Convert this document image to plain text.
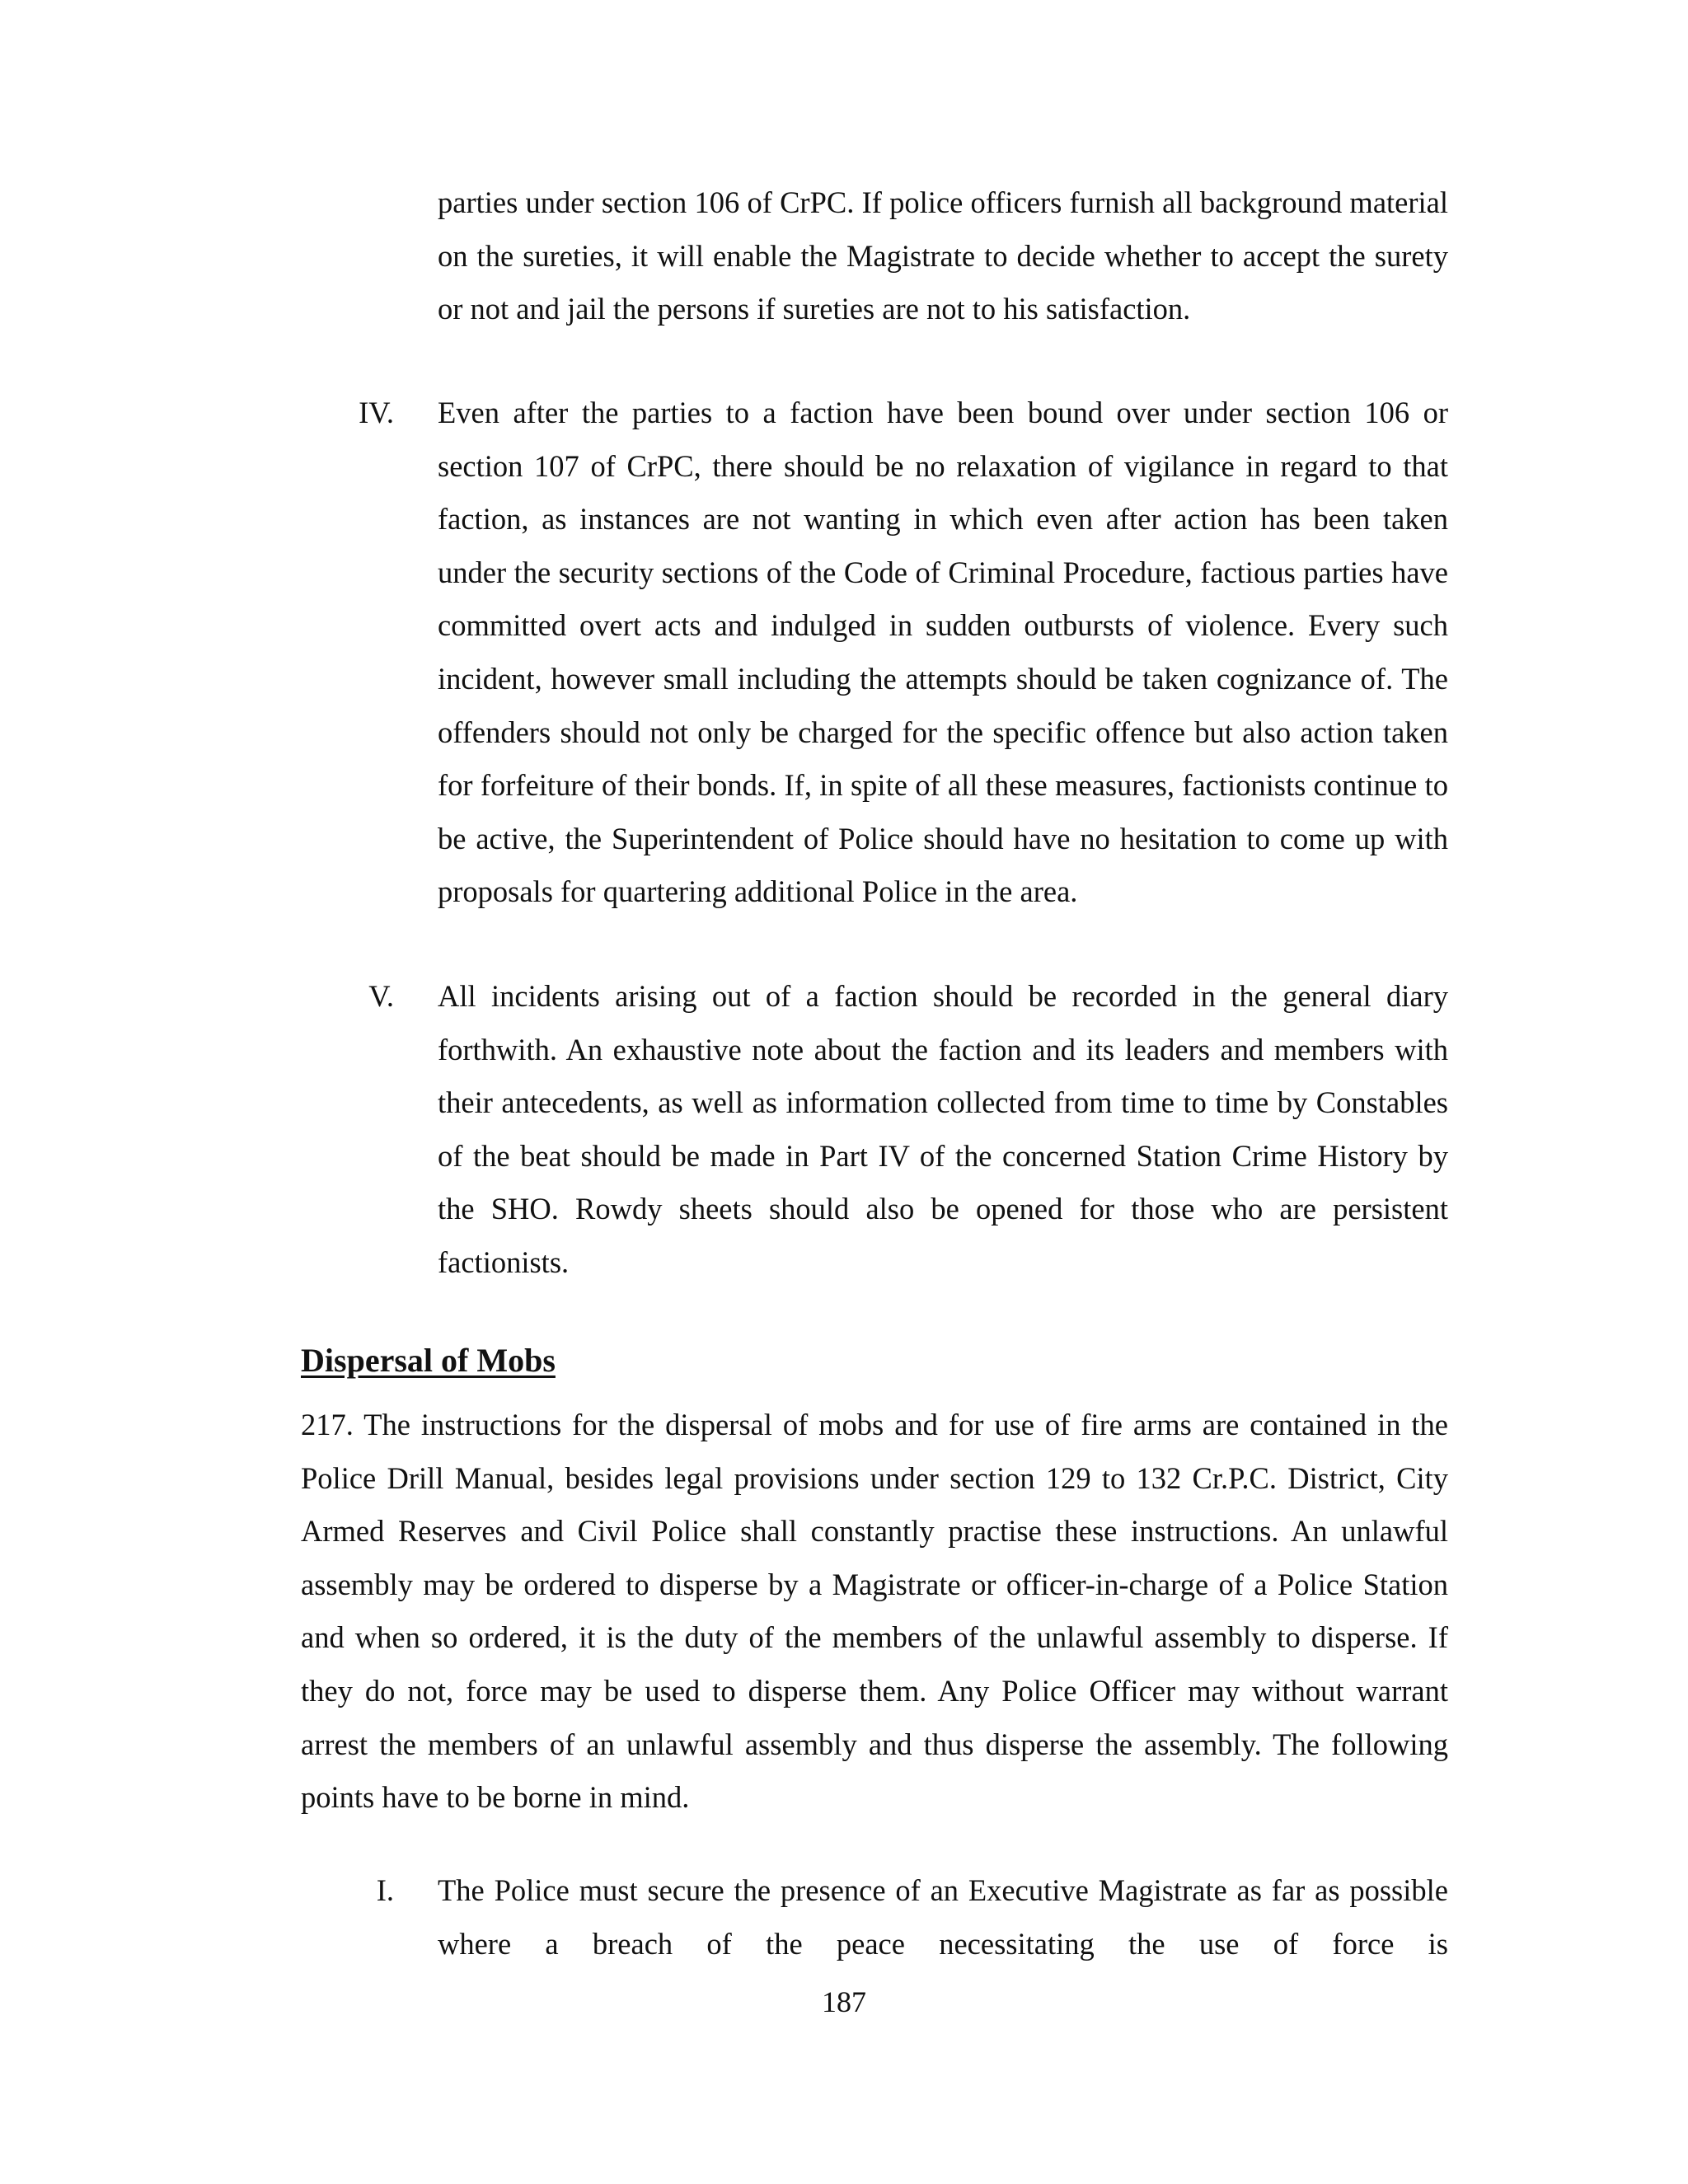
parties under section 106 of CrPC. If police officers furnish all background material on the sureties, it will enable the Magistrate to decide whether to accept the surety or not and jail the persons if sureties are not to his satisfaction.

IV. Even after the parties to a faction have been bound over under section 106 or section 107 of CrPC, there should be no relaxation of vigilance in regard to that faction, as instances are not wanting in which even after action has been taken under the security sections of the Code of Criminal Procedure, factious parties have committed overt acts and indulged in sudden outbursts of violence. Every such incident, however small including the attempts should be taken cognizance of. The offenders should not only be charged for the specific offence but also action taken for forfeiture of their bonds. If, in spite of all these measures, factionists continue to be active, the Superintendent of Police should have no hesitation to come up with proposals for quartering additional Police in the area.

V. All incidents arising out of a faction should be recorded in the general diary forthwith. An exhaustive note about the faction and its leaders and members with their antecedents, as well as information collected from time to time by Constables of the beat should be made in Part IV of the concerned Station Crime History by the SHO. Rowdy sheets should also be opened for those who are persistent factionists.

Dispersal of Mobs

217. The instructions for the dispersal of mobs and for use of fire arms are contained in the Police Drill Manual, besides legal provisions under section 129 to 132 Cr.P.C. District, City Armed Reserves and Civil Police shall constantly practise these instructions. An unlawful assembly may be ordered to disperse by a Magistrate or officer-in-charge of a Police Station and when so ordered, it is the duty of the members of the unlawful assembly to disperse. If they do not, force may be used to disperse them. Any Police Officer may without warrant arrest the members of an unlawful assembly and thus disperse the assembly. The following points have to be borne in mind.

I. The Police must secure the presence of an Executive Magistrate as far as possible where a breach of the peace necessitating the use of force is

187
